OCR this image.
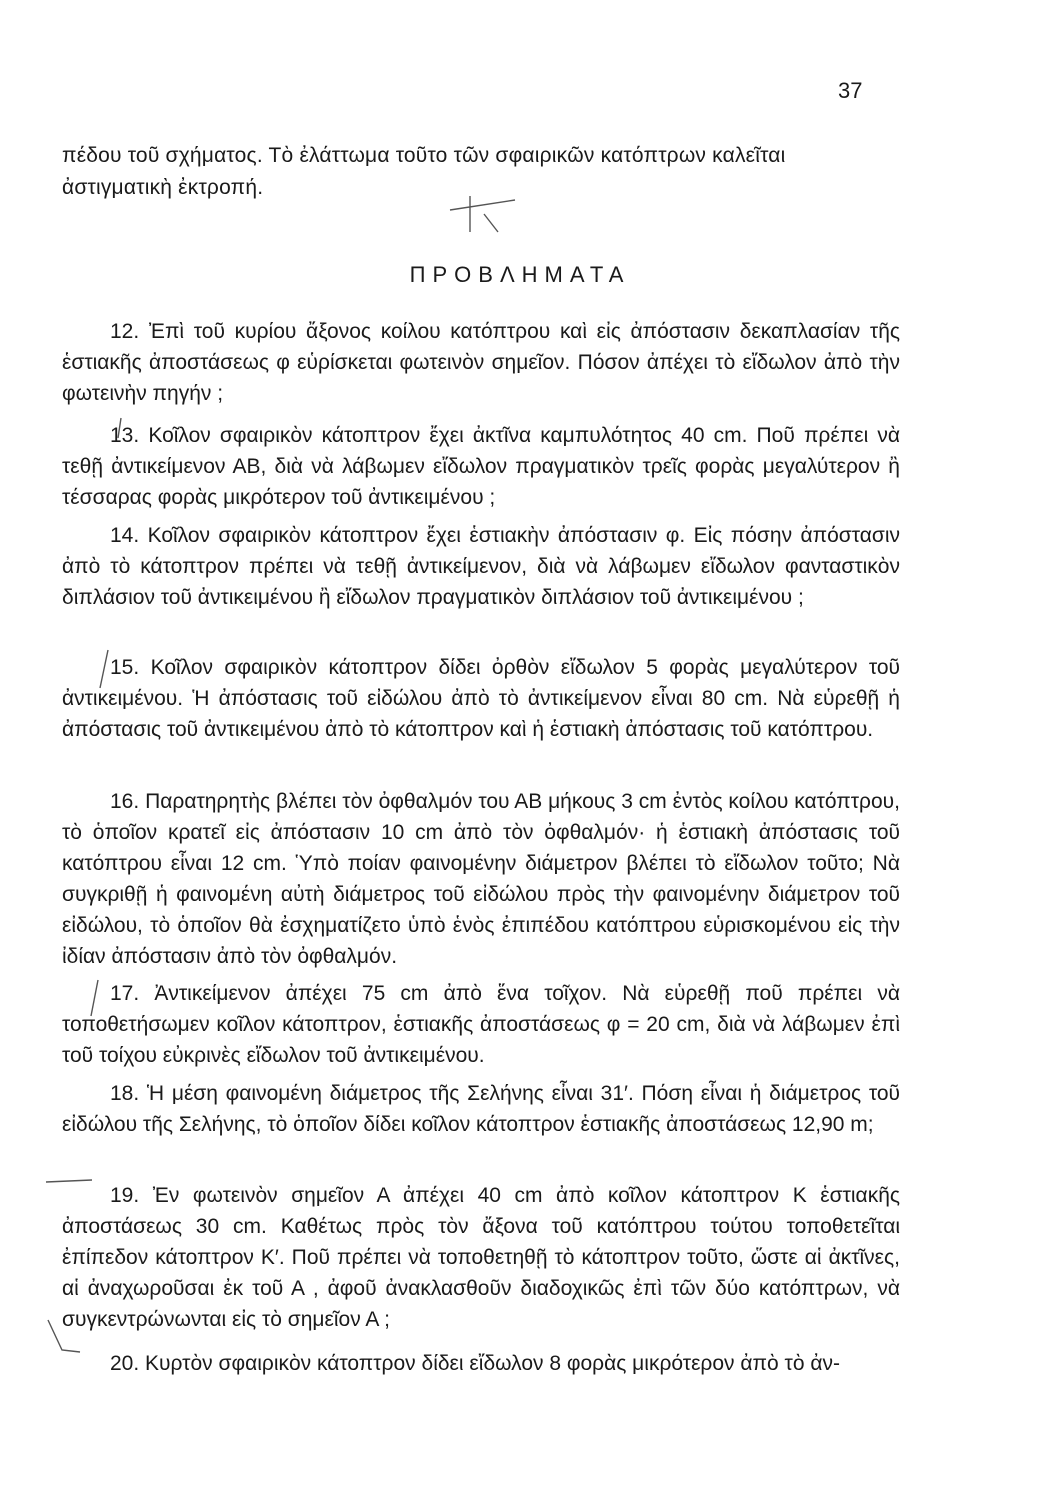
37
πέδου τοῦ σχήματος. Τὸ ἐλάττωμα τοῦτο τῶν σφαιρικῶν κατόπτρων καλεῖται ἀστιγματικὴ ἐκτροπή.
ΠΡΟΒΛΗΜΑΤΑ
12. Ἐπὶ τοῦ κυρίου ἄξονος κοίλου κατόπτρου καὶ εἰς ἀπόστασιν δεκαπλασίαν τῆς ἑστιακῆς ἀποστάσεως φ εὑρίσκεται φωτεινὸν σημεῖον. Πόσον ἀπέχει τὸ εἴδωλον ἀπὸ τὴν φωτεινὴν πηγήν ;
13. Κοῖλον σφαιρικὸν κάτοπτρον ἔχει ἀκτῖνα καμπυλότητος 40 cm. Ποῦ πρέπει νὰ τεθῇ ἀντικείμενον ΑΒ, διὰ νὰ λάβωμεν εἴδωλον πραγματικὸν τρεῖς φορὰς μεγαλύτερον ἢ τέσσαρας φορὰς μικρότερον τοῦ ἀντικειμένου ;
14. Κοῖλον σφαιρικὸν κάτοπτρον ἔχει ἑστιακὴν ἀπόστασιν φ. Εἰς πόσην ἀπόστασιν ἀπὸ τὸ κάτοπτρον πρέπει νὰ τεθῇ ἀντικείμενον, διὰ νὰ λάβωμεν εἴδωλον φανταστικὸν διπλάσιον τοῦ ἀντικειμένου ἢ εἴδωλον πραγματικὸν διπλάσιον τοῦ ἀντικειμένου ;
15. Κοῖλον σφαιρικὸν κάτοπτρον δίδει ὀρθὸν εἴδωλον 5 φορὰς μεγαλύτερον τοῦ ἀντικειμένου. Ἡ ἀπόστασις τοῦ εἰδώλου ἀπὸ τὸ ἀντικείμενον εἶναι 80 cm. Νὰ εὑρεθῇ ἡ ἀπόστασις τοῦ ἀντικειμένου ἀπὸ τὸ κάτοπτρον καὶ ἡ ἑστιακὴ ἀπόστασις τοῦ κατόπτρου.
16. Παρατηρητὴς βλέπει τὸν ὀφθαλμόν του ΑΒ μήκους 3 cm ἐντὸς κοίλου κατόπτρου, τὸ ὁποῖον κρατεῖ εἰς ἀπόστασιν 10 cm ἀπὸ τὸν ὀφθαλμόν· ἡ ἑστιακὴ ἀπόστασις τοῦ κατόπτρου εἶναι 12 cm. Ὑπὸ ποίαν φαινομένην διάμετρον βλέπει τὸ εἴδωλον τοῦτο; Νὰ συγκριθῇ ἡ φαινομένη αὐτὴ διάμετρος τοῦ εἰδώλου πρὸς τὴν φαινομένην διάμετρον τοῦ εἰδώλου, τὸ ὁποῖον θὰ ἐσχηματίζετο ὑπὸ ἑνὸς ἐπιπέδου κατόπτρου εὑρισκομένου εἰς τὴν ἰδίαν ἀπόστασιν ἀπὸ τὸν ὀφθαλμόν.
17. Ἀντικείμενον ἀπέχει 75 cm ἀπὸ ἕνα τοῖχον. Νὰ εὑρεθῇ ποῦ πρέπει νὰ τοποθετήσωμεν κοῖλον κάτοπτρον, ἑστιακῆς ἀποστάσεως φ = 20 cm, διὰ νὰ λάβωμεν ἐπὶ τοῦ τοίχου εὐκρινὲς εἴδωλον τοῦ ἀντικειμένου.
18. Ἡ μέση φαινομένη διάμετρος τῆς Σελήνης εἶναι 31′. Πόση εἶναι ἡ διάμετρος τοῦ εἰδώλου τῆς Σελήνης, τὸ ὁποῖον δίδει κοῖλον κάτοπτρον ἑστιακῆς ἀποστάσεως 12,90 m;
19. Ἐν φωτεινὸν σημεῖον Α ἀπέχει 40 cm ἀπὸ κοῖλον κάτοπτρον Κ ἑστιακῆς ἀποστάσεως 30 cm. Καθέτως πρὸς τὸν ἄξονα τοῦ κατόπτρου τούτου τοποθετεῖται ἐπίπεδον κάτοπτρον Κ′. Ποῦ πρέπει νὰ τοποθετηθῇ τὸ κάτοπτρον τοῦτο, ὥστε αἱ ἀκτῖνες, αἱ ἀναχωροῦσαι ἐκ τοῦ Α , ἀφοῦ ἀνακλασθοῦν διαδοχικῶς ἐπὶ τῶν δύο κατόπτρων, νὰ συγκεντρώνωνται εἰς τὸ σημεῖον Α ;
20. Κυρτὸν σφαιρικὸν κάτοπτρον δίδει εἴδωλον 8 φορὰς μικρότερον ἀπὸ τὸ ἀν-
